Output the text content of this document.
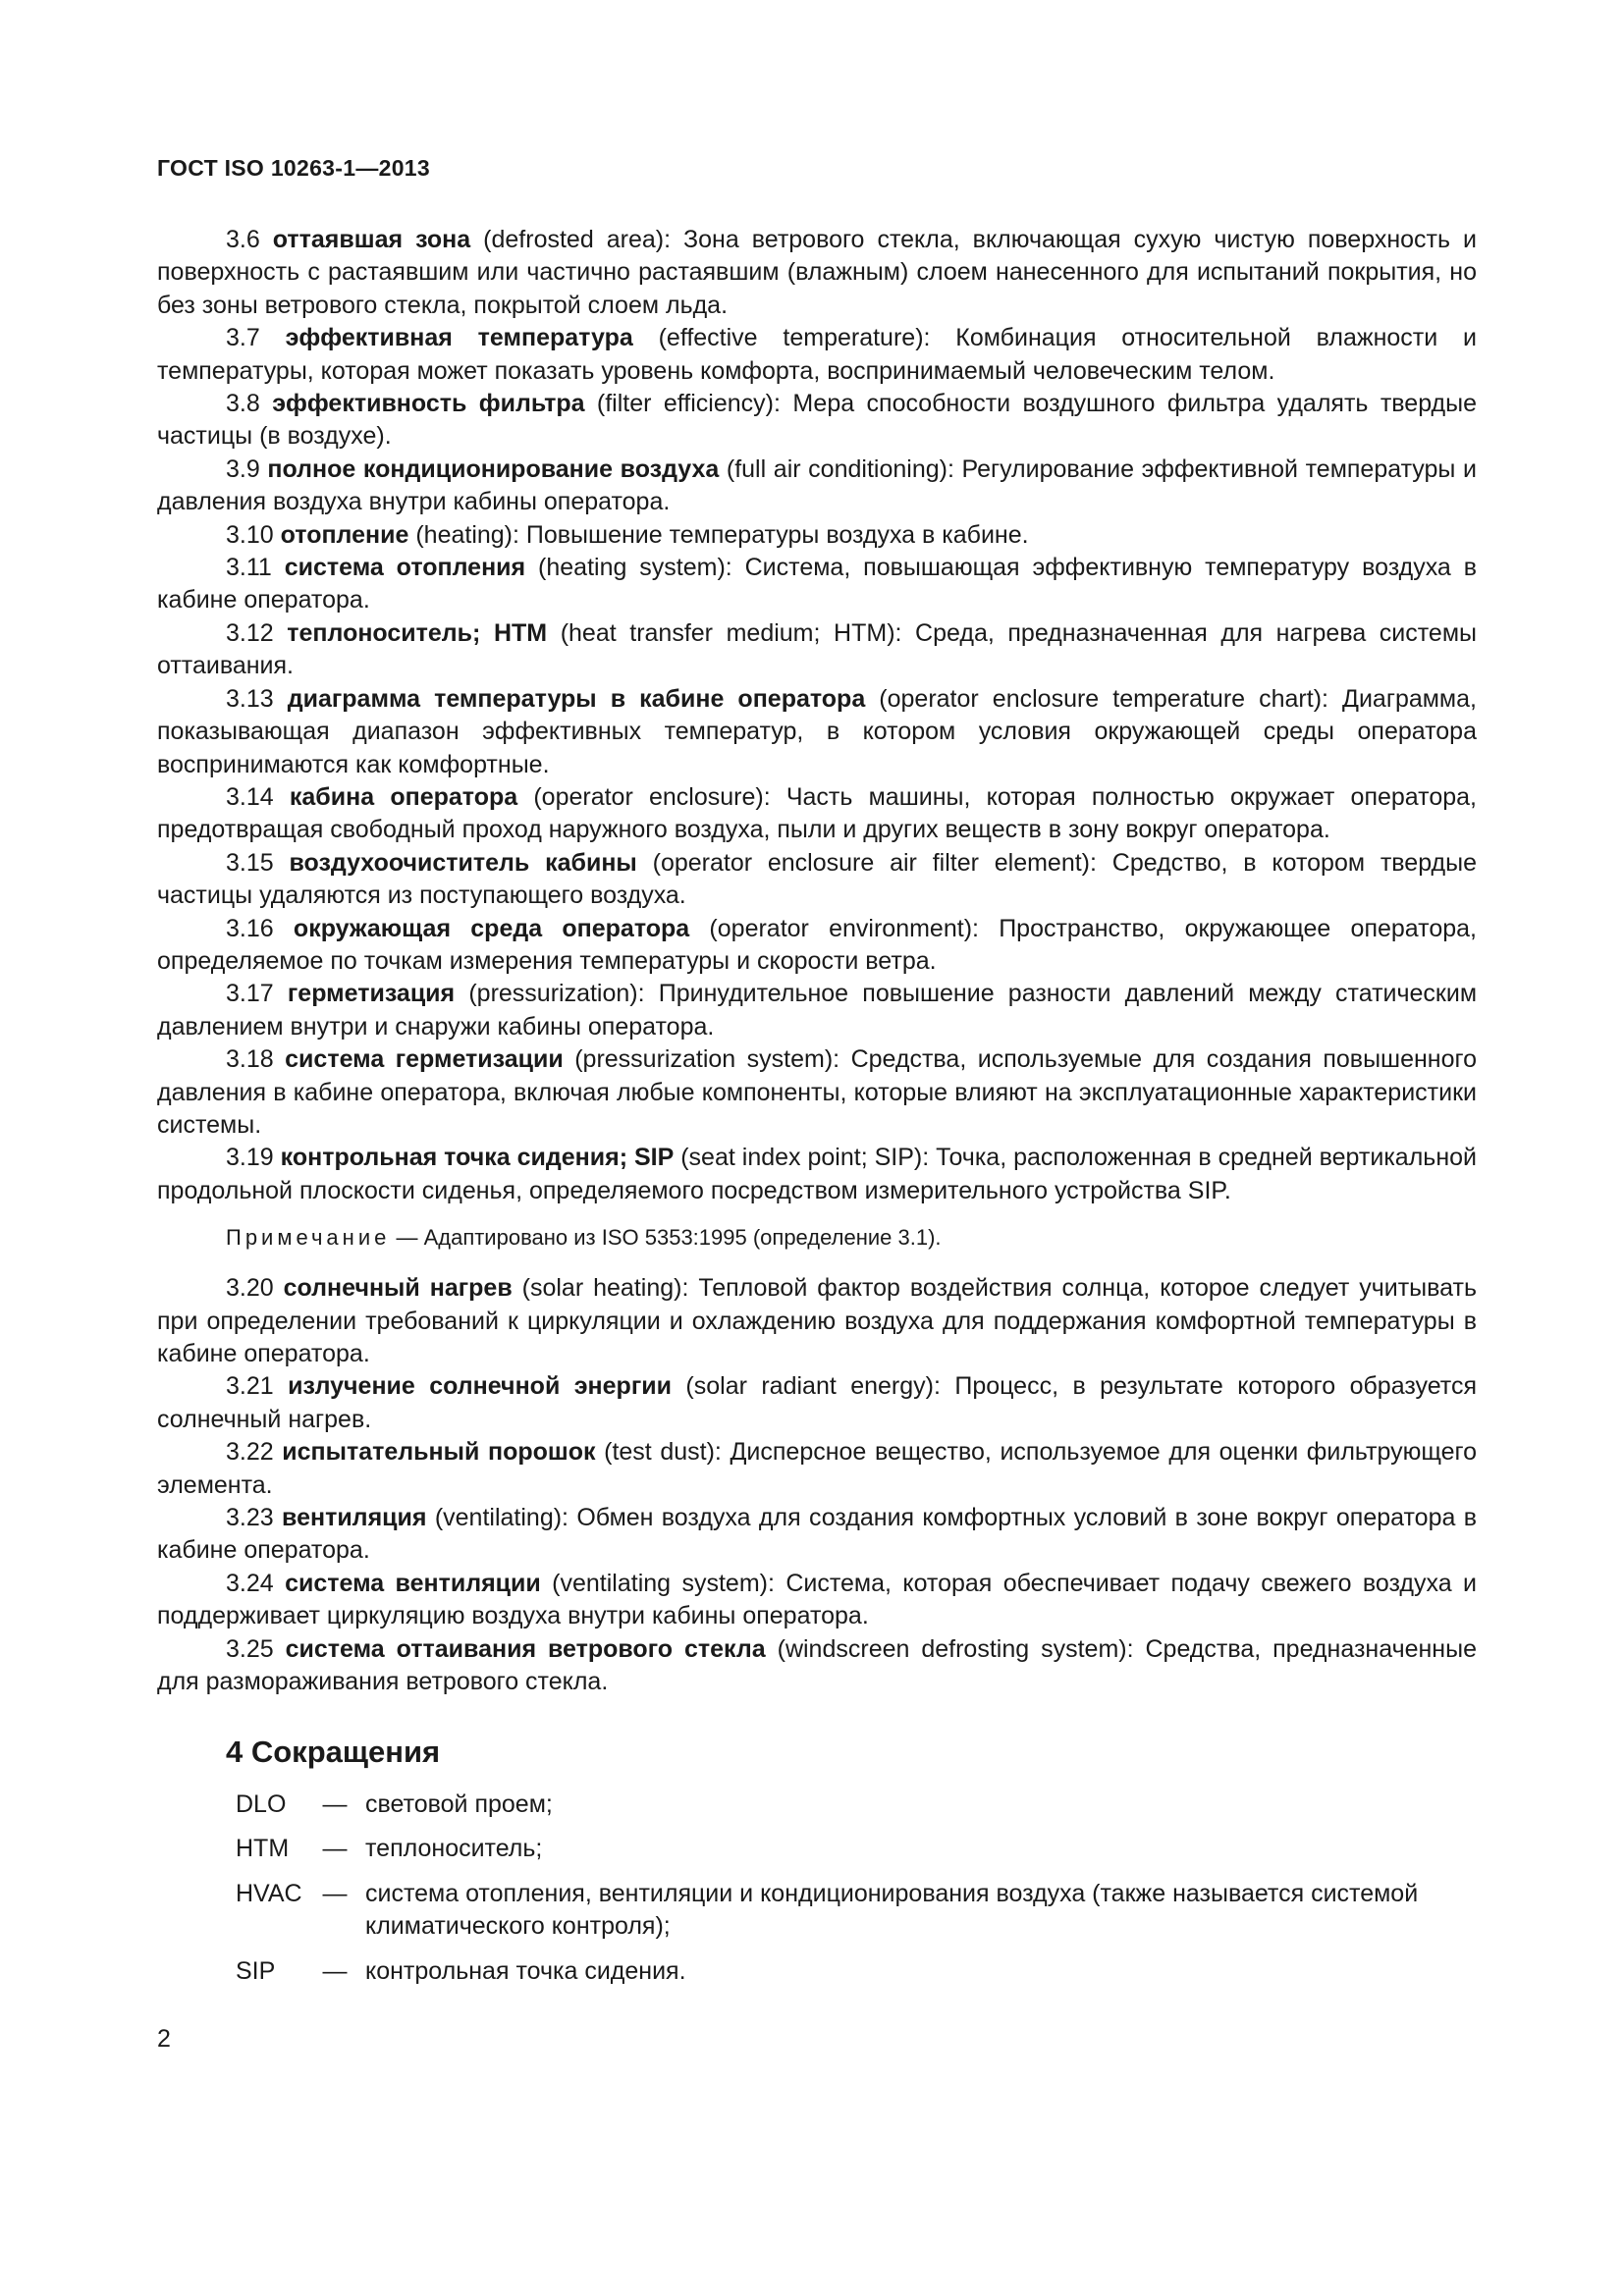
ГОСТ ISO 10263-1—2013

3.6 оттаявшая зона (defrosted area): Зона ветрового стекла, включающая сухую чистую поверхность и поверхность с растаявшим или частично растаявшим (влажным) слоем нанесенного для испытаний покрытия, но без зоны ветрового стекла, покрытой слоем льда.

3.7 эффективная температура (effective temperature): Комбинация относительной влажности и температуры, которая может показать уровень комфорта, воспринимаемый человеческим телом.

3.8 эффективность фильтра (filter efficiency): Мера способности воздушного фильтра удалять твердые частицы (в воздухе).

3.9 полное кондиционирование воздуха (full air conditioning): Регулирование эффективной температуры и давления воздуха внутри кабины оператора.

3.10 отопление (heating): Повышение температуры воздуха в кабине.

3.11 система отопления (heating system): Система, повышающая эффективную температуру воздуха в кабине оператора.

3.12 теплоноситель; НТМ (heat transfer medium; HTM): Среда, предназначенная для нагрева системы оттаивания.

3.13 диаграмма температуры в кабине оператора (operator enclosure temperature chart): Диаграмма, показывающая диапазон эффективных температур, в котором условия окружающей среды оператора воспринимаются как комфортные.

3.14 кабина оператора (operator enclosure): Часть машины, которая полностью окружает оператора, предотвращая свободный проход наружного воздуха, пыли и других веществ в зону вокруг оператора.

3.15 воздухоочиститель кабины (operator enclosure air filter element): Средство, в котором твердые частицы удаляются из поступающего воздуха.

3.16 окружающая среда оператора (operator environment): Пространство, окружающее оператора, определяемое по точкам измерения температуры и скорости ветра.

3.17 герметизация (pressurization): Принудительное повышение разности давлений между статическим давлением внутри и снаружи кабины оператора.

3.18 система герметизации (pressurization system): Средства, используемые для создания повышенного давления в кабине оператора, включая любые компоненты, которые влияют на эксплуатационные характеристики системы.

3.19 контрольная точка сидения; SIP (seat index point; SIP): Точка, расположенная в средней вертикальной продольной плоскости сиденья, определяемого посредством измерительного устройства SIP.

Примечание — Адаптировано из ISO 5353:1995 (определение 3.1).

3.20 солнечный нагрев (solar heating): Тепловой фактор воздействия солнца, которое следует учитывать при определении требований к циркуляции и охлаждению воздуха для поддержания комфортной температуры в кабине оператора.

3.21 излучение солнечной энергии (solar radiant energy): Процесс, в результате которого образуется солнечный нагрев.

3.22 испытательный порошок (test dust): Дисперсное вещество, используемое для оценки фильтрующего элемента.

3.23 вентиляция (ventilating): Обмен воздуха для создания комфортных условий в зоне вокруг оператора в кабине оператора.

3.24 система вентиляции (ventilating system): Система, которая обеспечивает подачу свежего воздуха и поддерживает циркуляцию воздуха внутри кабины оператора.

3.25 система оттаивания ветрового стекла (windscreen defrosting system): Средства, предназначенные для размораживания ветрового стекла.

4 Сокращения
DLO	— световой проем;
HTM	— теплоноситель;
HVAC — система отопления, вентиляции и кондиционирования воздуха (также называется системой климатического контроля);
SIP	— контрольная точка сидения.
2
